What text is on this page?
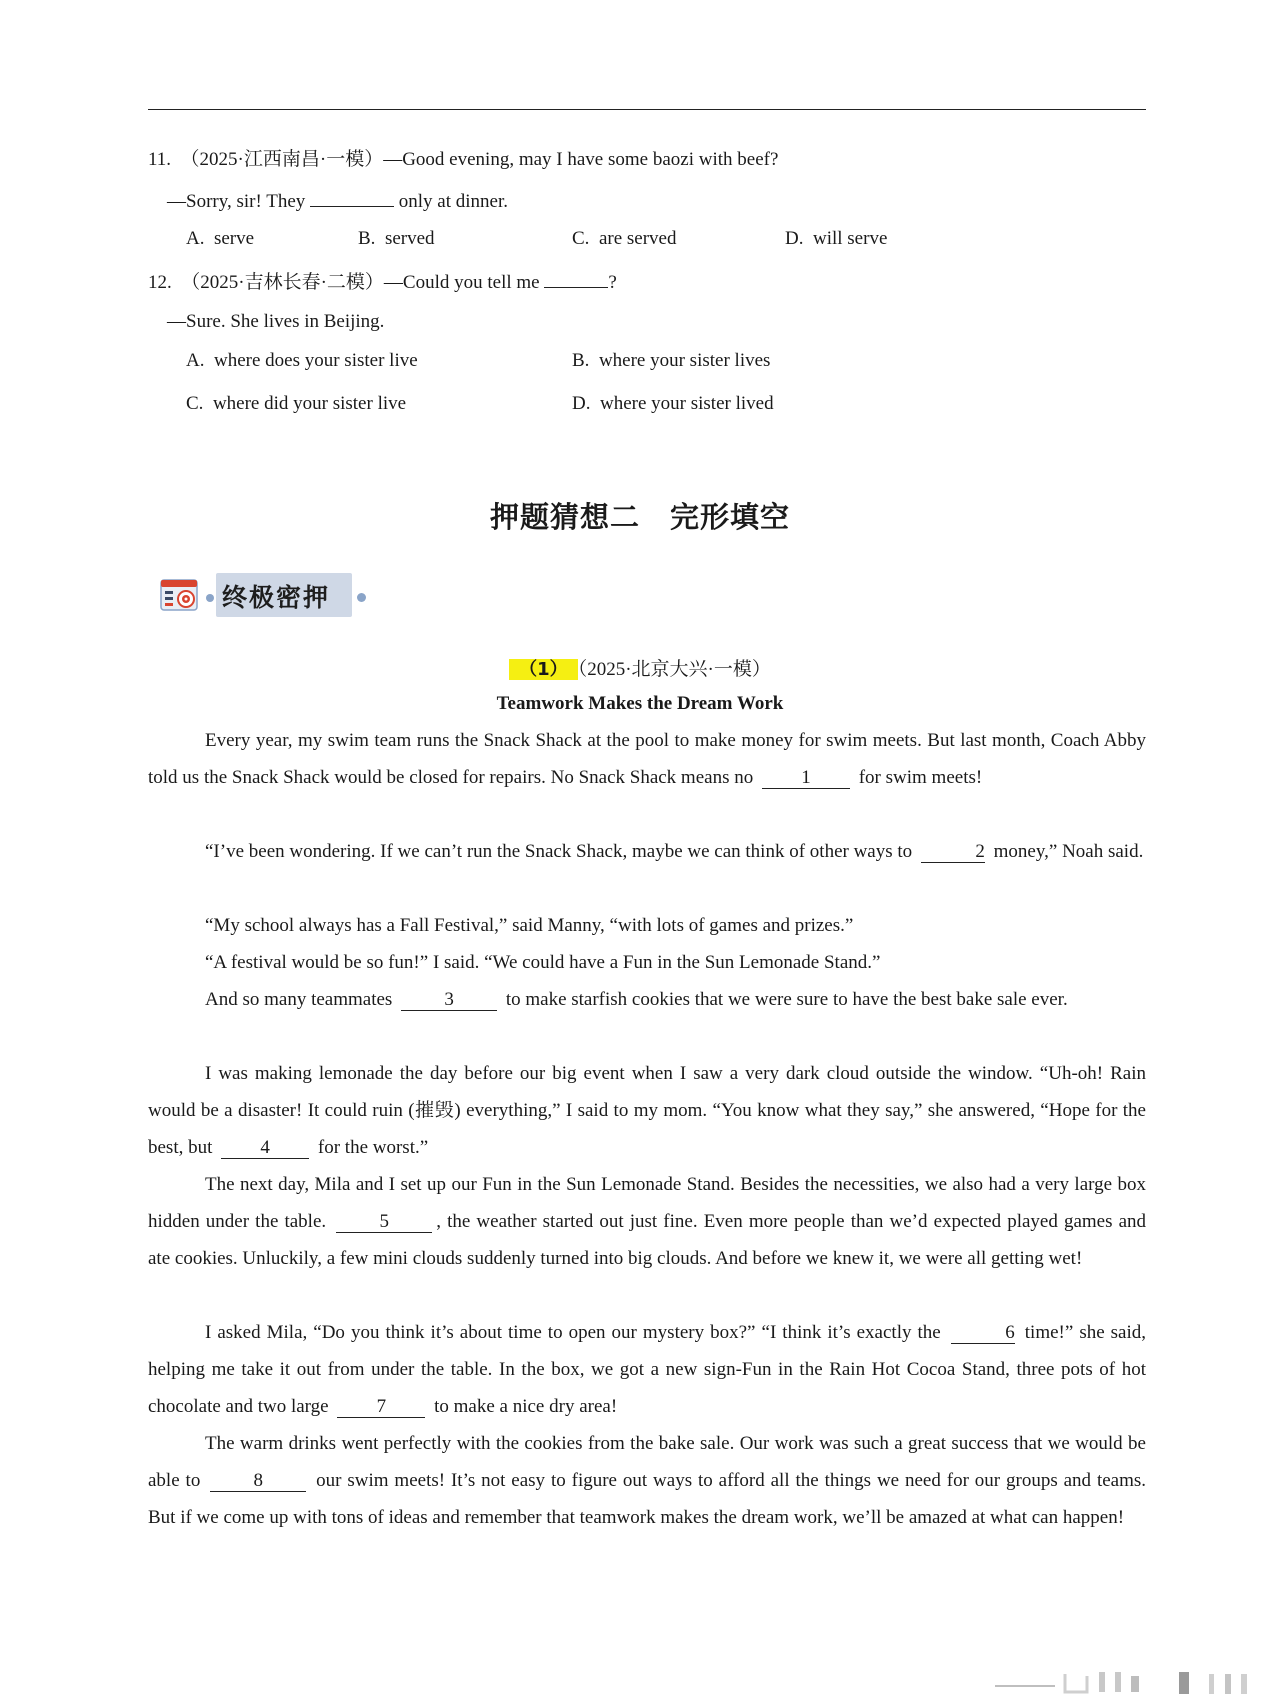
11. （2025·江西南昌·一模）—Good evening, may I have some baozi with beef?
—Sorry, sir! They	only at dinner.
A. serve	B. served	C. are served	D. will serve
12. （2025·吉林长春·二模）—Could you tell me	?
—Sure. She lives in Beijing.
A. where does your sister live	B. where your sister lives
C. where did your sister live	D. where your sister lived
押题猜想二 完形填空
终极密押
（1） （2025·北京大兴·一模）
Teamwork Makes the Dream Work

Every year, my swim team runs the Snack Shack at the pool to make money for swim meets. But last month, Coach Abby told us the Snack Shack would be closed for repairs. No Snack Shack means no	1	for swim meets!

“I’ve been wondering. If we can’t run the Snack Shack, maybe we can think of other ways to	2 money,” Noah said.

“My school always has a Fall Festival,” said Manny, “with lots of games and prizes.”

“A festival would be so fun!” I said. “We could have a Fun in the Sun Lemonade Stand.”

And so many teammates	3	to make starfish cookies that we were sure to have the best bake sale ever.

I was making lemonade the day before our big event when I saw a very dark cloud outside the window. “Uh-oh! Rain would be a disaster! It could ruin (摧毁) everything,” I said to my mom. “You know what they say,” she answered, “Hope for the best, but	4	for the worst.”

The next day, Mila and I set up our Fun in the Sun Lemonade Stand. Besides the necessities, we also had a very large box hidden under the table.	5 , the weather started out just fine. Even more people than we’d expected played games and ate cookies. Unluckily, a few mini clouds suddenly turned into big clouds. And before we knew it, we were all getting wet!

I asked Mila, “Do you think it’s about time to open our mystery box?” “I think it’s exactly the	6 time!” she said, helping me take it out from under the table. In the box, we got a new sign-Fun in the Rain Hot Cocoa Stand, three pots of hot chocolate and two large	7	to make a nice dry area!

The warm drinks went perfectly with the cookies from the bake sale. Our work was such a great success that we would be able to	8	our swim meets! It’s not easy to figure out ways to afford all the things we need for our groups and teams. But if we come up with tons of ideas and remember that teamwork makes the dream work, we’ll be amazed at what can happen!
